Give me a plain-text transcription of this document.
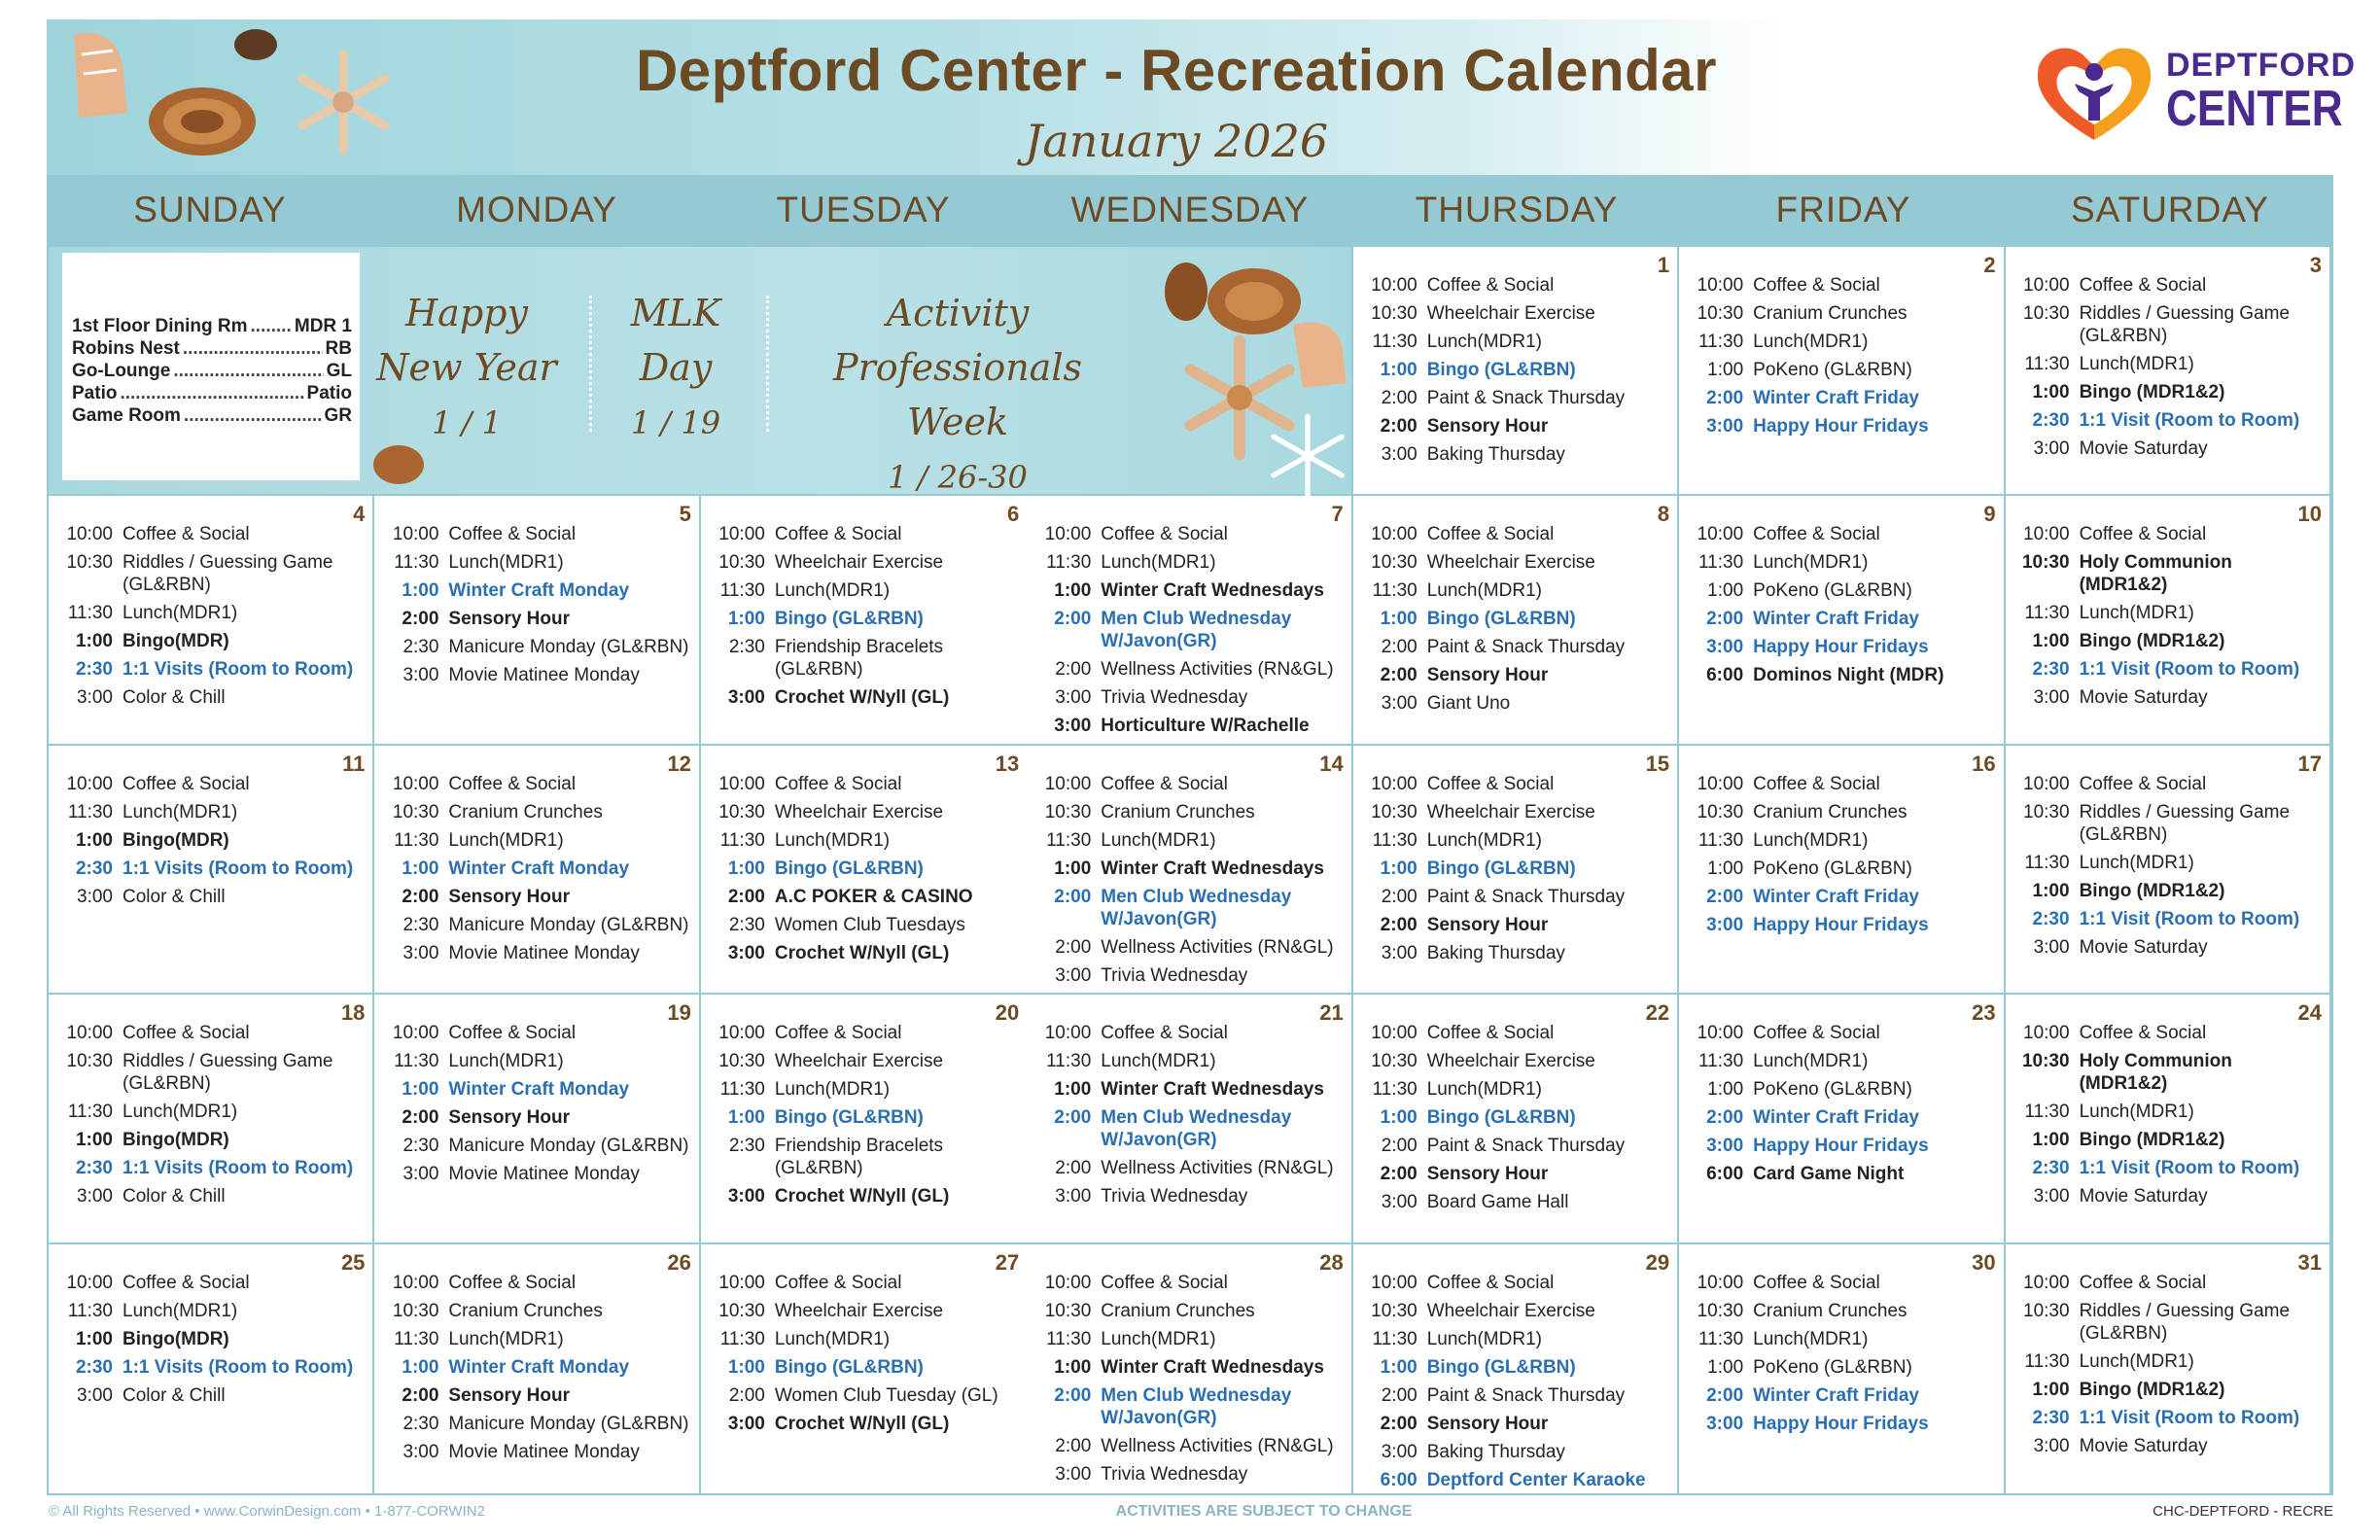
Deptford Center - Recreation Calendar
January 2026
DEPTFORD
CENTER
SUNDAY	MONDAY	TUESDAY	WEDNESDAY	THURSDAY	FRIDAY	SATURDAY
1st Floor Dining Rm .....	MDR 1
Robins Nest .....	RB
Go-Lounge .....	GL
Patio .....	Patio
Game Room .....	GR
Happy
New Year
1 / 1
MLK
Day
1 / 19
Activity
Professionals Week
1 / 26-30
1
10:00 Coffee & Social
10:30 Wheelchair Exercise
11:30 Lunch(MDR1)
1:00 Bingo (GL&RBN)
2:00 Paint & Snack Thursday
2:00 Sensory Hour
3:00 Baking Thursday
2
10:00 Coffee & Social
10:30 Cranium Crunches
11:30 Lunch(MDR1)
1:00 PoKeno (GL&RBN)
2:00 Winter Craft Friday
3:00 Happy Hour Fridays
3
10:00 Coffee & Social
10:30 Riddles / Guessing Game (GL&RBN)
11:30 Lunch(MDR1)
1:00 Bingo (MDR1&2)
2:30 1:1 Visit (Room to Room)
3:00 Movie Saturday
4
10:00 Coffee & Social
10:30 Riddles / Guessing Game (GL&RBN)
11:30 Lunch(MDR1)
1:00 Bingo(MDR)
2:30 1:1 Visits (Room to Room)
3:00 Color & Chill
5
10:00 Coffee & Social
11:30 Lunch(MDR1)
1:00 Winter Craft Monday
2:00 Sensory Hour
2:30 Manicure Monday (GL&RBN)
3:00 Movie Matinee Monday
6
10:00 Coffee & Social
10:30 Wheelchair Exercise
11:30 Lunch(MDR1)
1:00 Bingo (GL&RBN)
2:30 Friendship Bracelets (GL&RBN)
3:00 Crochet W/Nyll (GL)
7
10:00 Coffee & Social
11:30 Lunch(MDR1)
1:00 Winter Craft Wednesdays
2:00 Men Club Wednesday W/Javon(GR)
2:00 Wellness Activities (RN&GL)
3:00 Trivia Wednesday
3:00 Horticulture W/Rachelle
8
10:00 Coffee & Social
10:30 Wheelchair Exercise
11:30 Lunch(MDR1)
1:00 Bingo (GL&RBN)
2:00 Paint & Snack Thursday
2:00 Sensory Hour
3:00 Giant Uno
9
10:00 Coffee & Social
11:30 Lunch(MDR1)
1:00 PoKeno (GL&RBN)
2:00 Winter Craft Friday
3:00 Happy Hour Fridays
6:00 Dominos Night (MDR)
10
10:00 Coffee & Social
10:30 Holy Communion (MDR1&2)
11:30 Lunch(MDR1)
1:00 Bingo (MDR1&2)
2:30 1:1 Visit (Room to Room)
3:00 Movie Saturday
11
10:00 Coffee & Social
11:30 Lunch(MDR1)
1:00 Bingo(MDR)
2:30 1:1 Visits (Room to Room)
3:00 Color & Chill
12
10:00 Coffee & Social
10:30 Cranium Crunches
11:30 Lunch(MDR1)
1:00 Winter Craft Monday
2:00 Sensory Hour
2:30 Manicure Monday (GL&RBN)
3:00 Movie Matinee Monday
13
10:00 Coffee & Social
10:30 Wheelchair Exercise
11:30 Lunch(MDR1)
1:00 Bingo (GL&RBN)
2:00 A.C POKER & CASINO
2:30 Women Club Tuesdays
3:00 Crochet W/Nyll (GL)
14
10:00 Coffee & Social
10:30 Cranium Crunches
11:30 Lunch(MDR1)
1:00 Winter Craft Wednesdays
2:00 Men Club Wednesday W/Javon(GR)
2:00 Wellness Activities (RN&GL)
3:00 Trivia Wednesday
15
10:00 Coffee & Social
10:30 Wheelchair Exercise
11:30 Lunch(MDR1)
1:00 Bingo (GL&RBN)
2:00 Paint & Snack Thursday
2:00 Sensory Hour
3:00 Baking Thursday
16
10:00 Coffee & Social
10:30 Cranium Crunches
11:30 Lunch(MDR1)
1:00 PoKeno (GL&RBN)
2:00 Winter Craft Friday
3:00 Happy Hour Fridays
17
10:00 Coffee & Social
10:30 Riddles / Guessing Game (GL&RBN)
11:30 Lunch(MDR1)
1:00 Bingo (MDR1&2)
2:30 1:1 Visit (Room to Room)
3:00 Movie Saturday
18
10:00 Coffee & Social
10:30 Riddles / Guessing Game (GL&RBN)
11:30 Lunch(MDR1)
1:00 Bingo(MDR)
2:30 1:1 Visits (Room to Room)
3:00 Color & Chill
19
10:00 Coffee & Social
11:30 Lunch(MDR1)
1:00 Winter Craft Monday
2:00 Sensory Hour
2:30 Manicure Monday (GL&RBN)
3:00 Movie Matinee Monday
20
10:00 Coffee & Social
10:30 Wheelchair Exercise
11:30 Lunch(MDR1)
1:00 Bingo (GL&RBN)
2:30 Friendship Bracelets (GL&RBN)
3:00 Crochet W/Nyll (GL)
21
10:00 Coffee & Social
11:30 Lunch(MDR1)
1:00 Winter Craft Wednesdays
2:00 Men Club Wednesday W/Javon(GR)
2:00 Wellness Activities (RN&GL)
3:00 Trivia Wednesday
22
10:00 Coffee & Social
10:30 Wheelchair Exercise
11:30 Lunch(MDR1)
1:00 Bingo (GL&RBN)
2:00 Paint & Snack Thursday
2:00 Sensory Hour
3:00 Board Game Hall
23
10:00 Coffee & Social
11:30 Lunch(MDR1)
1:00 PoKeno (GL&RBN)
2:00 Winter Craft Friday
3:00 Happy Hour Fridays
6:00 Card Game Night
24
10:00 Coffee & Social
10:30 Holy Communion (MDR1&2)
11:30 Lunch(MDR1)
1:00 Bingo (MDR1&2)
2:30 1:1 Visit (Room to Room)
3:00 Movie Saturday
25
10:00 Coffee & Social
11:30 Lunch(MDR1)
1:00 Bingo(MDR)
2:30 1:1 Visits (Room to Room)
3:00 Color & Chill
26
10:00 Coffee & Social
10:30 Cranium Crunches
11:30 Lunch(MDR1)
1:00 Winter Craft Monday
2:00 Sensory Hour
2:30 Manicure Monday (GL&RBN)
3:00 Movie Matinee Monday
27
10:00 Coffee & Social
10:30 Wheelchair Exercise
11:30 Lunch(MDR1)
1:00 Bingo (GL&RBN)
2:00 Women Club Tuesday (GL)
3:00 Crochet W/Nyll (GL)
28
10:00 Coffee & Social
10:30 Cranium Crunches
11:30 Lunch(MDR1)
1:00 Winter Craft Wednesdays
2:00 Men Club Wednesday W/Javon(GR)
2:00 Wellness Activities (RN&GL)
3:00 Trivia Wednesday
29
10:00 Coffee & Social
10:30 Wheelchair Exercise
11:30 Lunch(MDR1)
1:00 Bingo (GL&RBN)
2:00 Paint & Snack Thursday
2:00 Sensory Hour
3:00 Baking Thursday
6:00 Deptford Center Karaoke
30
10:00 Coffee & Social
10:30 Cranium Crunches
11:30 Lunch(MDR1)
1:00 PoKeno (GL&RBN)
2:00 Winter Craft Friday
3:00 Happy Hour Fridays
31
10:00 Coffee & Social
10:30 Riddles / Guessing Game (GL&RBN)
11:30 Lunch(MDR1)
1:00 Bingo (MDR1&2)
2:30 1:1 Visit (Room to Room)
3:00 Movie Saturday
© All Rights Reserved • www.CorwinDesign.com • 1-877-CORWIN2	ACTIVITIES ARE SUBJECT TO CHANGE	CHC-DEPTFORD - RECRE
